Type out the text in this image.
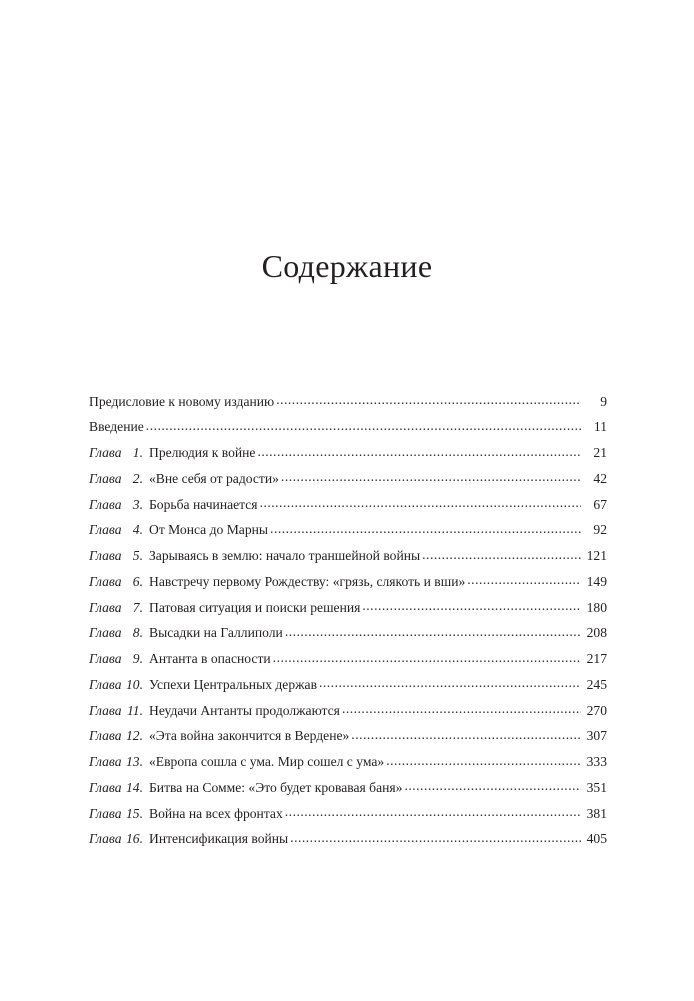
Содержание
Предисловие к новому изданию .....	9
Введение .....	11
Глава 1. Прелюдия к войне .....	21
Глава 2. «Вне себя от радости» .....	42
Глава 3. Борьба начинается .....	67
Глава 4. От Монса до Марны .....	92
Глава 5. Зарываясь в землю: начало траншейной войны .....	121
Глава 6. Навстречу первому Рождеству: «грязь, слякоть и вши» .....	149
Глава 7. Патовая ситуация и поиски решения .....	180
Глава 8. Высадки на Галлиполи .....	208
Глава 9. Антанта в опасности .....	217
Глава 10. Успехи Центральных держав .....	245
Глава 11. Неудачи Антанты продолжаются .....	270
Глава 12. «Эта война закончится в Вердене» .....	307
Глава 13. «Европа сошла с ума. Мир сошел с ума» .....	333
Глава 14. Битва на Сомме: «Это будет кровавая баня» .....	351
Глава 15. Война на всех фронтах .....	381
Глава 16. Интенсификация войны .....	405
